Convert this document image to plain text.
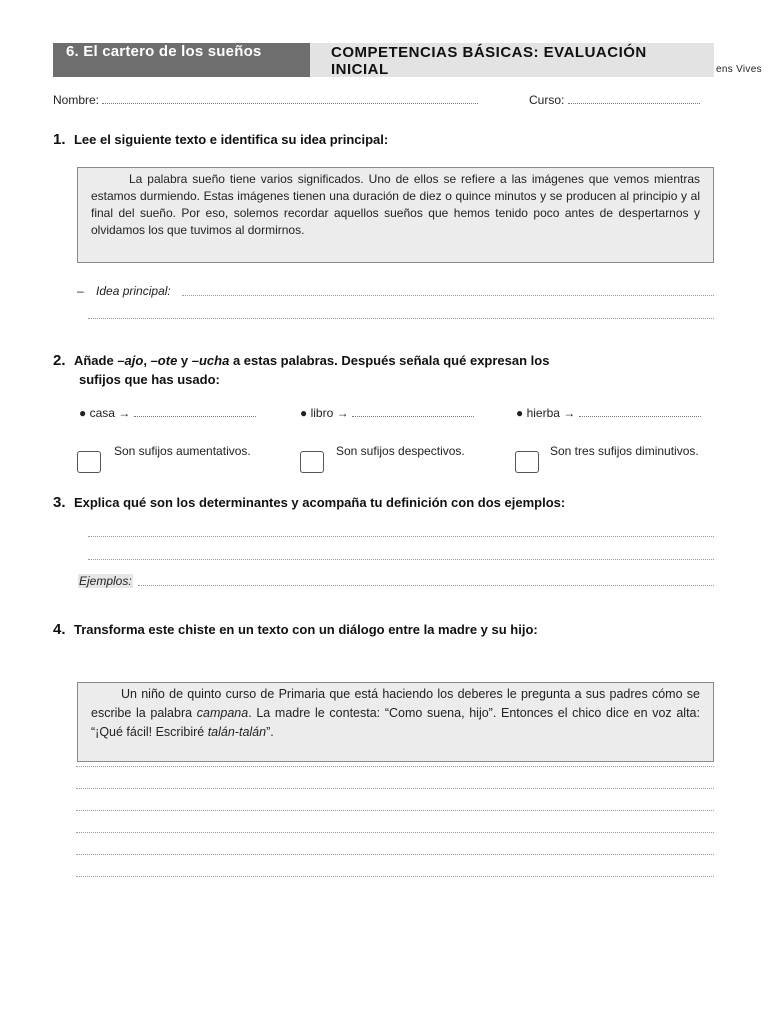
6. El cartero de los sueños	COMPETENCIAS BÁSICAS: EVALUACIÓN
INICIAL	ens Vives
Nombre:	Curso:
1. Lee el siguiente texto e identifica su idea principal:
La palabra sueño tiene varios significados. Uno de ellos se refiere a las imágenes que vemos mientras estamos durmiendo. Estas imágenes tienen una duración de diez o quince minutos y se producen al principio y al final del sueño. Por eso, solemos recordar aquellos sueños que hemos tenido poco antes de despertarnos y olvidamos los que tuvimos al dormirnos.
– Idea principal:
2. Añade –ajo, –ote y –ucha a estas palabras. Después señala qué expresan los
sufijos que has usado:
● casa →	● libro →	● hierba →
Son sufijos aumentativos.	Son sufijos despectivos.	Son tres sufijos diminutivos.
3. Explica qué son los determinantes y acompaña tu definición con dos ejemplos:
Ejemplos:
4. Transforma este chiste en un texto con un diálogo entre la madre y su hijo:
Un niño de quinto curso de Primaria que está haciendo los deberes le pregunta a sus padres cómo se escribe la palabra campana. La madre le contesta: “Como suena, hijo”. Entonces el chico dice en voz alta: “¡Qué fácil! Escribiré talán-talán”.
